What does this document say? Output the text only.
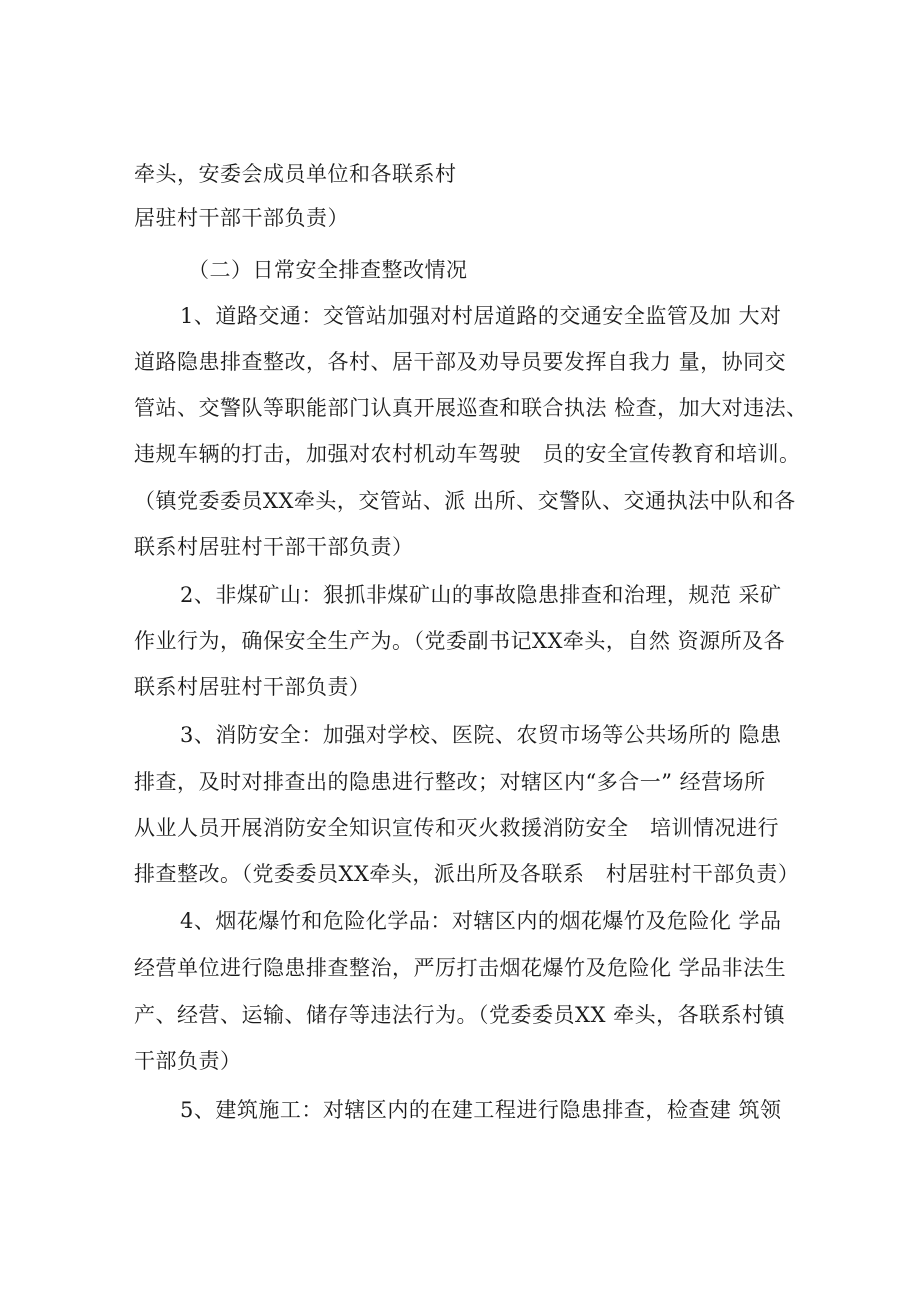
牵头，安委会成员单位和各联系村
居驻村干部干部负责）
（二）日常安全排查整改情况
1、道路交通：交管站加强对村居道路的交通安全监管及加 大对
道路隐患排查整改，各村、居干部及劝导员要发挥自我力 量，协同交
管站、交警队等职能部门认真开展巡查和联合执法 检查，加大对违法、
违规车辆的打击，加强对农村机动车驾驶   员的安全宣传教育和培训。
（镇党委委员XX牵头，交管站、派 出所、交警队、交通执法中队和各
联系村居驻村干部干部负责）
2、非煤矿山：狠抓非煤矿山的事故隐患排查和治理，规范 采矿
作业行为，确保安全生产为。（党委副书记XX牵头，自然 资源所及各
联系村居驻村干部负责）
3、消防安全：加强对学校、医院、农贸市场等公共场所的 隐患
排查，及时对排查出的隐患进行整改；对辖区内“多合一” 经营场所
从业人员开展消防安全知识宣传和灭火救援消防安全   培训情况进行
排查整改。（党委委员XX牵头，派出所及各联系   村居驻村干部负责）
4、烟花爆竹和危险化学品：对辖区内的烟花爆竹及危险化 学品
经营单位进行隐患排查整治，严厉打击烟花爆竹及危险化 学品非法生
产、经营、运输、储存等违法行为。（党委委员XX 牵头，各联系村镇
干部负责）
5、建筑施工：对辖区内的在建工程进行隐患排查，检查建 筑领
